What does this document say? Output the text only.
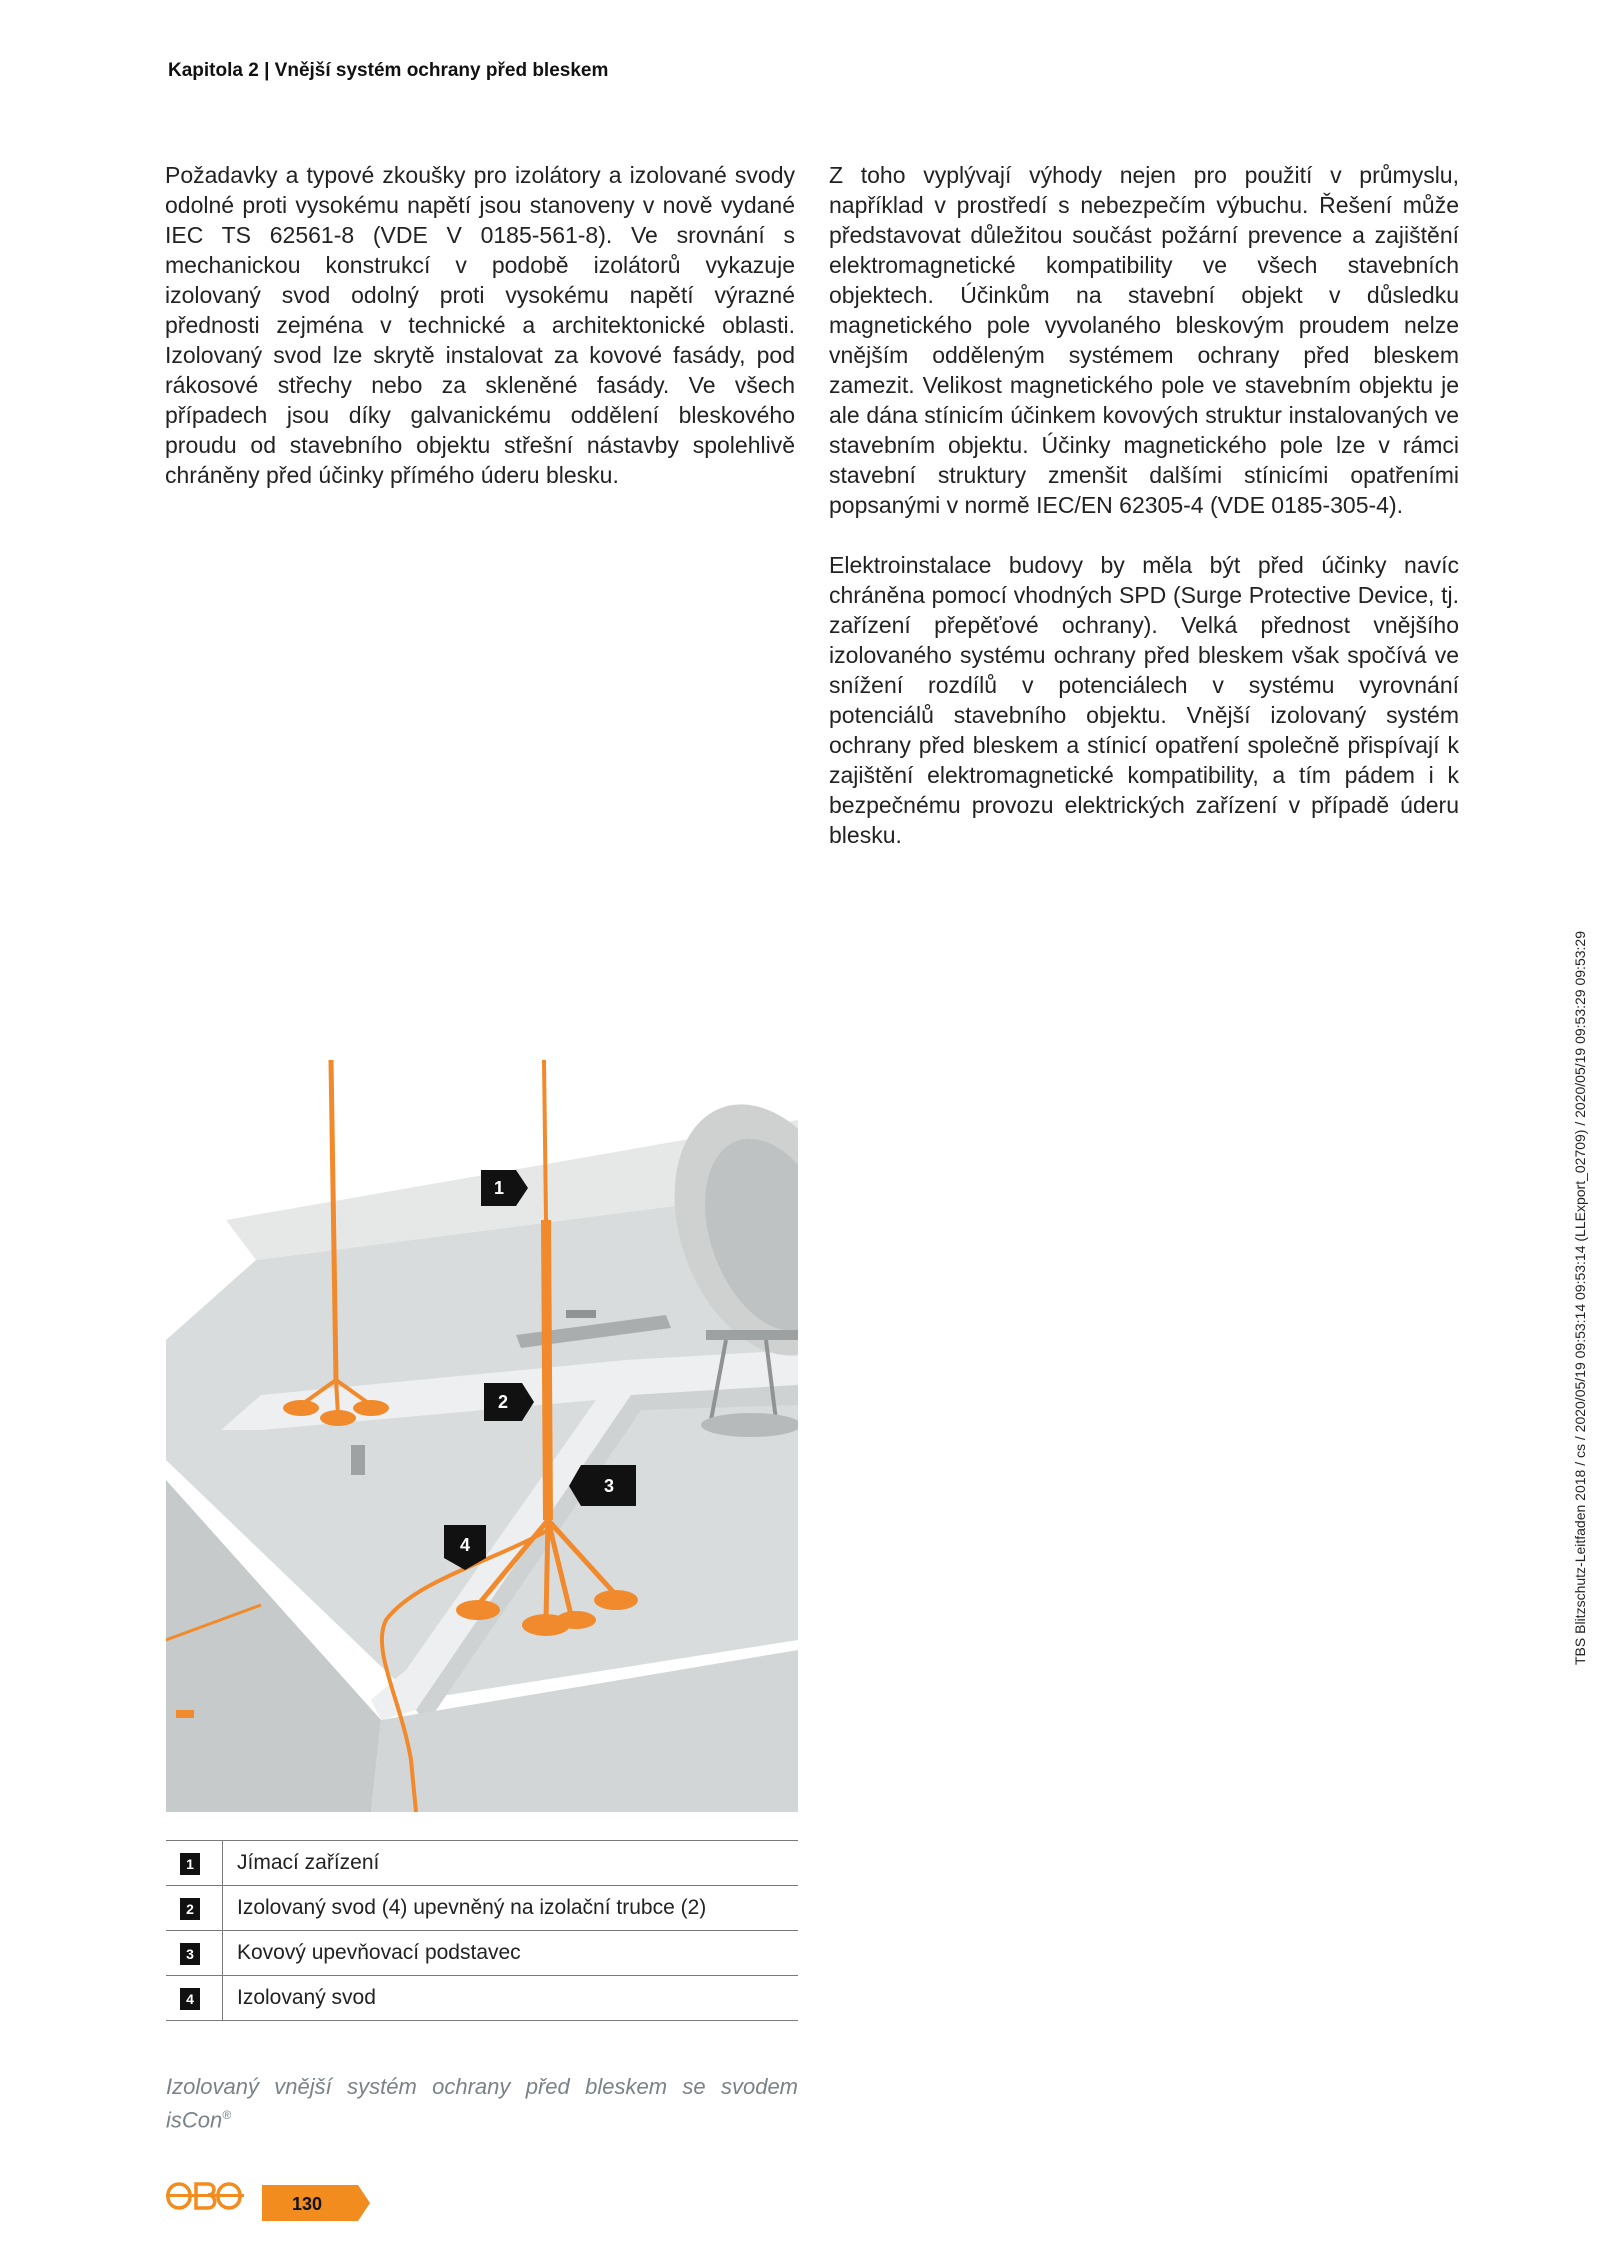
Kapitola 2 | Vnější systém ochrany před bleskem

Požadavky a typové zkoušky pro izolátory a izolované svody odolné proti vysokému napětí jsou stanoveny v nově vydané IEC TS 62561-8 (VDE V 0185-561-8). Ve srovnání s mechanickou konstrukcí v podobě izolátorů vykazuje izolovaný svod odolný proti vysokému napětí výrazné přednosti zejména v technické a architektonické oblasti. Izolovaný svod lze skrytě instalovat za kovové fasády, pod rákosové střechy nebo za skleněné fasády. Ve všech případech jsou díky galvanickému oddělení bleskového proudu od stavebního objektu střešní nástavby spolehlivě chráněny před účinky přímého úderu blesku.

Z toho vyplývají výhody nejen pro použití v průmyslu, například v prostředí s nebezpečím výbuchu. Řešení může představovat důležitou součást požární prevence a zajištění elektromagnetické kompatibility ve všech stavebních objektech. Účinkům na stavební objekt v důsledku magnetického pole vyvolaného bleskovým proudem nelze vnějším odděleným systémem ochrany před bleskem zamezit. Velikost magnetického pole ve stavebním objektu je ale dána stínicím účinkem kovových struktur instalovaných ve stavebním objektu. Účinky magnetického pole lze v rámci stavební struktury zmenšit dalšími stínicími opatřeními popsanými v normě IEC/EN 62305-4 (VDE 0185-305-4).

Elektroinstalace budovy by měla být před účinky navíc chráněna pomocí vhodných SPD (Surge Protective Device, tj. zařízení přepěťové ochrany). Velká přednost vnějšího izolovaného systému ochrany před bleskem však spočívá ve snížení rozdílů v potenciálech v systému vyrovnání potenciálů stavebního objektu. Vnější izolovaný systém ochrany před bleskem a stínicí opatření společně přispívají k zajištění elektromagnetické kompatibility, a tím pádem i k bezpečnému provozu elektrických zařízení v případě úderu blesku.

1
2
3
4
1	Jímací zařízení
2	Izolovaný svod (4) upevněný na izolační trubce (2)
3	Kovový upevňovací podstavec
4	Izolovaný svod
Izolovaný vnější systém ochrany před bleskem se svodem isCon®
130
TBS Blitzschutz-Leitfaden 2018 / cs / 2020/05/19 09:53:14 09:53:14 (LLExport_02709) / 2020/05/19 09:53:29 09:53:29
